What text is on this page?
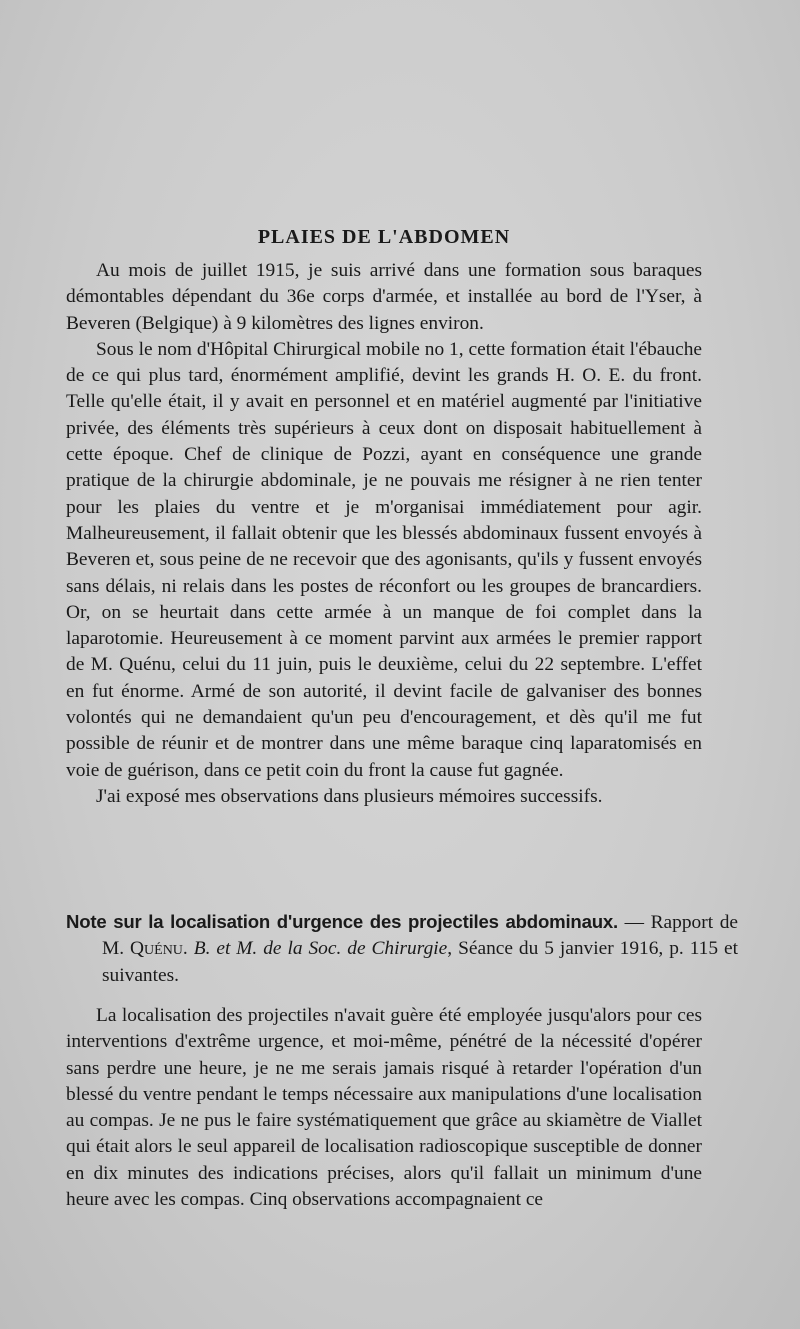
PLAIES DE L'ABDOMEN

Au mois de juillet 1915, je suis arrivé dans une formation sous baraques démontables dépendant du 36e corps d'armée, et installée au bord de l'Yser, à Beveren (Belgique) à 9 kilomètres des lignes environ.

Sous le nom d'Hôpital Chirurgical mobile no 1, cette formation était l'ébauche de ce qui plus tard, énormément amplifié, devint les grands H. O. E. du front. Telle qu'elle était, il y avait en personnel et en matériel augmenté par l'initiative privée, des éléments très supérieurs à ceux dont on disposait habituellement à cette époque. Chef de clinique de Pozzi, ayant en conséquence une grande pratique de la chirurgie abdominale, je ne pouvais me résigner à ne rien tenter pour les plaies du ventre et je m'organisai immédiatement pour agir. Malheureusement, il fallait obtenir que les blessés abdominaux fussent envoyés à Beveren et, sous peine de ne recevoir que des agonisants, qu'ils y fussent envoyés sans délais, ni relais dans les postes de réconfort ou les groupes de brancardiers. Or, on se heurtait dans cette armée à un manque de foi complet dans la laparotomie. Heureusement à ce moment parvint aux armées le premier rapport de M. Quénu, celui du 11 juin, puis le deuxième, celui du 22 septembre. L'effet en fut énorme. Armé de son autorité, il devint facile de galvaniser des bonnes volontés qui ne demandaient qu'un peu d'encouragement, et dès qu'il me fut possible de réunir et de montrer dans une même baraque cinq laparatomisés en voie de guérison, dans ce petit coin du front la cause fut gagnée.

J'ai exposé mes observations dans plusieurs mémoires successifs.

Note sur la localisation d'urgence des projectiles abdominaux. — Rapport de M. Quénu. B. et M. de la Soc. de Chirurgie, Séance du 5 janvier 1916, p. 115 et suivantes.

La localisation des projectiles n'avait guère été employée jusqu'alors pour ces interventions d'extrême urgence, et moi-même, pénétré de la nécessité d'opérer sans perdre une heure, je ne me serais jamais risqué à retarder l'opération d'un blessé du ventre pendant le temps nécessaire aux manipulations d'une localisation au compas. Je ne pus le faire systématiquement que grâce au skiamètre de Viallet qui était alors le seul appareil de localisation radioscopique susceptible de donner en dix minutes des indications précises, alors qu'il fallait un minimum d'une heure avec les compas. Cinq observations accompagnaient ce
